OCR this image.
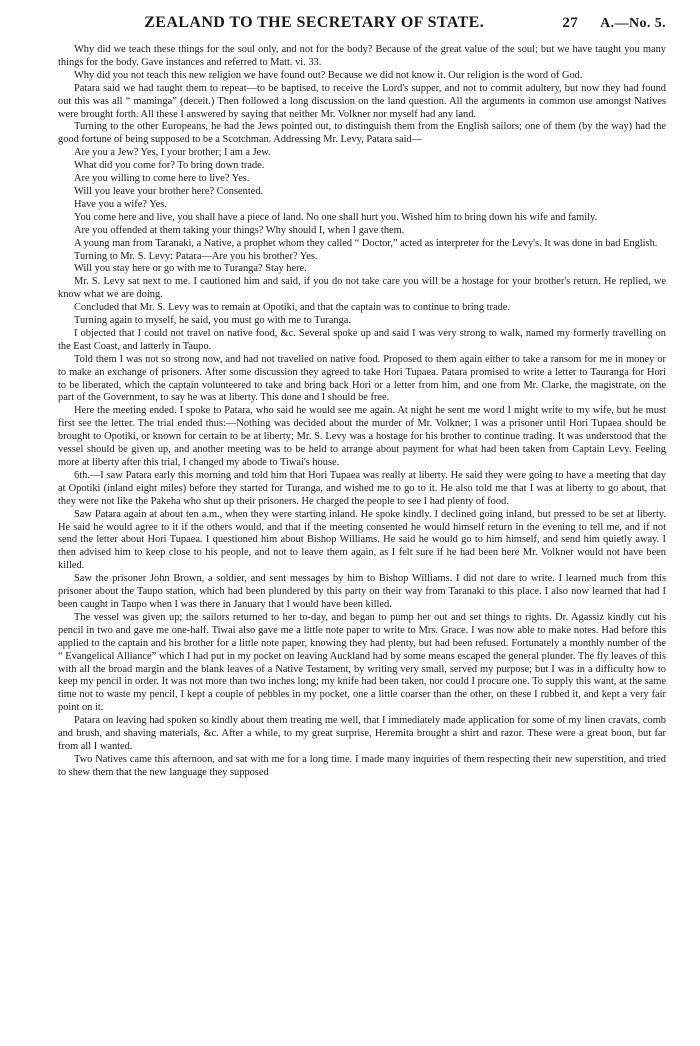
ZEALAND TO THE SECRETARY OF STATE.	27 A.—No. 5.

Why did we teach these things for the soul only, and not for the body? Because of the great value of the soul; but we have taught you many things for the body. Gave instances and referred to Matt. vi. 33.

Why did you not teach this new religion we have found out? Because we did not know it. Our religion is the word of God.

Patara said we had taught them to repeat—to be baptised, to receive the Lord's supper, and not to commit adultery, but now they had found out this was all “ maminga” (deceit.) Then followed a long discussion on the land question. All the arguments in common use amongst Natives were brought forth. All these I answered by saying that neither Mr. Volkner nor myself had any land.

Turning to the other Europeans, he had the Jews pointed out, to distinguish them from the English sailors; one of them (by the way) had the good fortune of being supposed to be a Scotchman. Addressing Mr. Levy, Patara said—

Are you a Jew? Yes, I your brother; I am a Jew.

What did you come for? To bring down trade.

Are you willing to come here to live? Yes.

Will you leave your brother here? Consented.

Have you a wife? Yes.

You come here and live, you shall have a piece of land. No one shall hurt you. Wished him to bring down his wife and family.

Are you offended at them taking your things? Why should I, when I gave them.

A young man from Taranaki, a Native, a prophet whom they called “ Doctor,” acted as interpreter for the Levy's. It was done in bad English.

Turning to Mr. S. Levy: Patara—Are you his brother? Yes.

Will you stay here or go with me to Turanga? Stay here.

Mr. S. Levy sat next to me. I cautioned him and said, if you do not take care you will be a hostage for your brother's return. He replied, we know what we are doing.

Concluded that Mr. S. Levy was to remain at Opotiki, and that the captain was to continue to bring trade.

Turning again to myself, he said, you must go with me to Turanga.

I objected that I could not travel on native food, &c. Several spoke up and said I was very strong to walk, named my formerly travelling on the East Coast, and latterly in Taupo.

Told them I was not so strong now, and had not travelled on native food. Proposed to them again either to take a ransom for me in money or to make an exchange of prisoners. After some discussion they agreed to take Hori Tupaea. Patara promised to write a letter to Tauranga for Hori to be liberated, which the captain volunteered to take and bring back Hori or a letter from him, and one from Mr. Clarke, the magistrate, on the part of the Government, to say he was at liberty. This done and I should be free.

Here the meeting ended. I spoke to Patara, who said he would see me again. At night he sent me word I might write to my wife, but he must first see the letter. The trial ended thus:—Nothing was decided about the murder of Mr. Volkner; I was a prisoner until Hori Tupaea should be brought to Opotiki, or known for certain to be at liberty; Mr. S. Levy was a hostage for his brother to continue trading. It was understood that the vessel should be given up, and another meeting was to be held to arrange about payment for what had been taken from Captain Levy. Feeling more at liberty after this trial, I changed my abode to Tiwai's house.

6th.—I saw Patara early this morning and told him that Hori Tupaea was really at liberty. He said they were going to have a meeting that day at Opotiki (inland eight miles) before they started for Turanga, and wished me to go to it. He also told me that I was at liberty to go about, that they were not like the Pakeha who shut up their prisoners. He charged the people to see I had plenty of food.

Saw Patara again at about ten a.m., when they were starting inland. He spoke kindly. I declined going inland, but pressed to be set at liberty. He said he would agree to it if the others would, and that if the meeting consented he would himself return in the evening to tell me, and if not send the letter about Hori Tupaea. I questioned him about Bishop Williams. He said he would go to him himself, and send him quietly away. I then advised him to keep close to his people, and not to leave them again, as I felt sure if he had been here Mr. Volkner would not have been killed.

Saw the prisoner John Brown, a soldier, and sent messages by him to Bishop Williams. I did not dare to write. I learned much from this prisoner about the Taupo station, which had been plundered by this party on their way from Taranaki to this place. I also now learned that had I been caught in Taupo when I was there in January that I would have been killed.

The vessel was given up; the sailors returned to her to-day, and began to pump her out and set things to rights. Dr. Agassiz kindly cut his pencil in two and gave me one-half. Tiwai also gave me a little note paper to write to Mrs. Grace. I was now able to make notes. Had before this applied to the captain and his brother for a little note paper, knowing they had plenty, but had been refused. Fortunately a monthly number of the “ Evangelical Alliance” which I had put in my pocket on leaving Auckland had by some means escaped the general plunder. The fly leaves of this with all the broad margin and the blank leaves of a Native Testament, by writing very small, served my purpose; but I was in a difficulty how to keep my pencil in order. It was not more than two inches long; my knife had been taken, nor could I procure one. To supply this want, at the same time not to waste my pencil, I kept a couple of pebbles in my pocket, one a little coarser than the other, on these I rubbed it, and kept a very fair point on it.

Patara on leaving had spoken so kindly about them treating me well, that I immediately made application for some of my linen cravats, comb and brush, and shaving materials, &c. After a while, to my great surprise, Heremita brought a shirt and razor. These were a great boon, but far from all I wanted.

Two Natives came this afternoon, and sat with me for a long time. I made many inquiries of them respecting their new superstition, and tried to shew them that the new language they supposed
